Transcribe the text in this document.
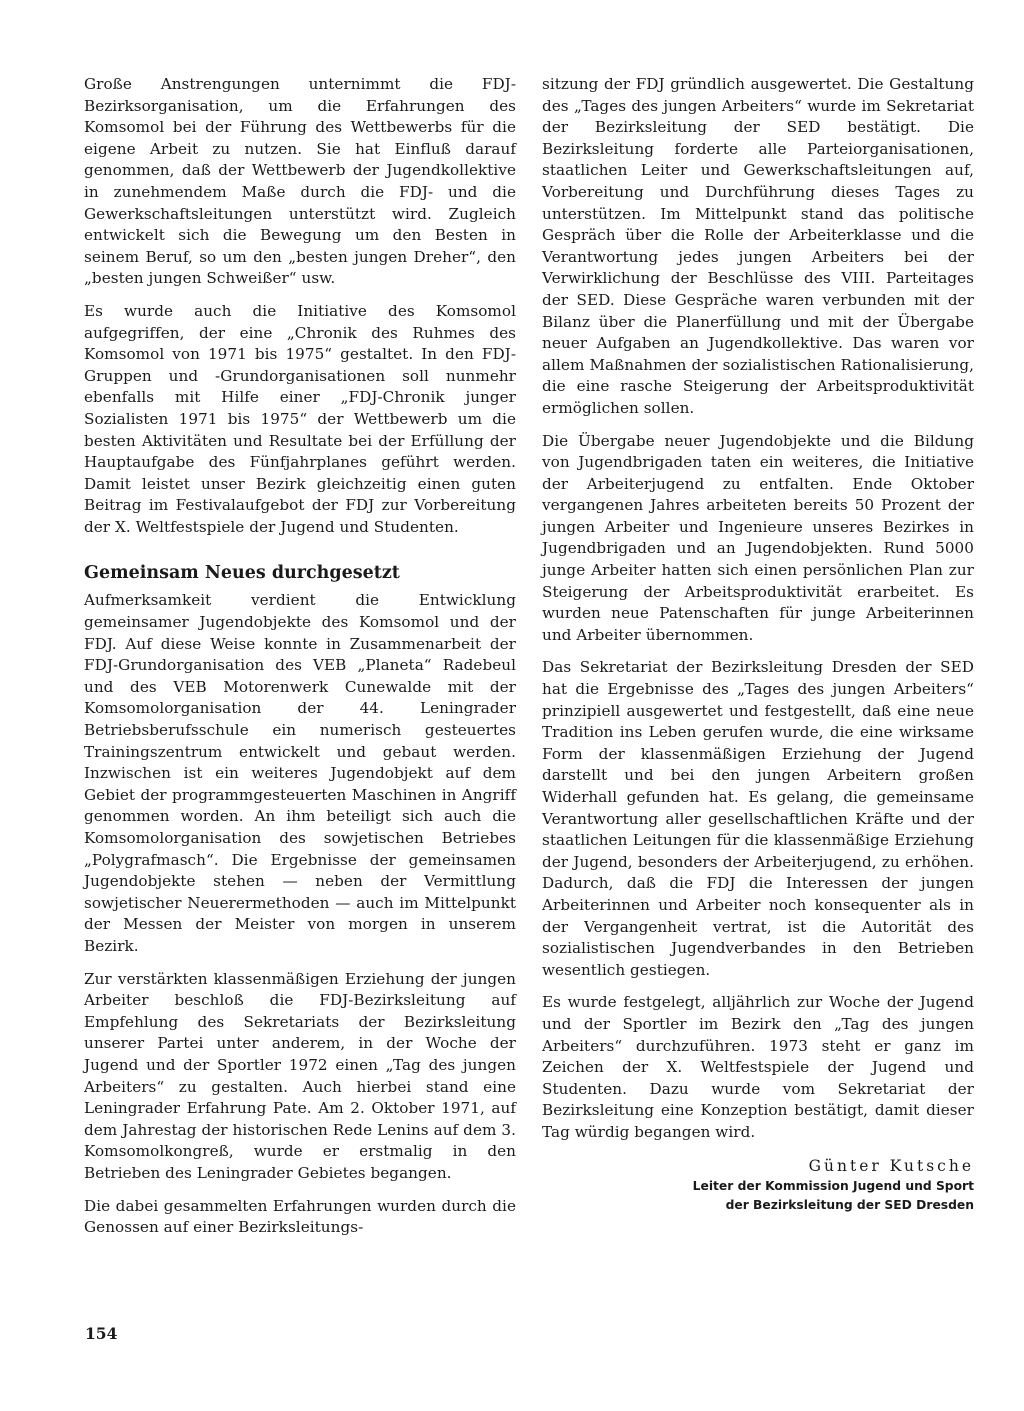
Große Anstrengungen unternimmt die FDJ-Bezirksorganisation, um die Erfahrungen des Komsomol bei der Führung des Wettbewerbs für die eigene Arbeit zu nutzen. Sie hat Einfluß darauf genommen, daß der Wettbewerb der Jugendkollektive in zunehmendem Maße durch die FDJ- und die Gewerkschaftsleitungen unterstützt wird. Zugleich entwickelt sich die Bewegung um den Besten in seinem Beruf, so um den „besten jungen Dreher“, den „besten jungen Schweißer“ usw.

Es wurde auch die Initiative des Komsomol aufgegriffen, der eine „Chronik des Ruhmes des Komsomol von 1971 bis 1975“ gestaltet. In den FDJ-Gruppen und -Grundorganisationen soll nunmehr ebenfalls mit Hilfe einer „FDJ-Chronik junger Sozialisten 1971 bis 1975“ der Wettbewerb um die besten Aktivitäten und Resultate bei der Erfüllung der Hauptaufgabe des Fünfjahrplanes geführt werden. Damit leistet unser Bezirk gleichzeitig einen guten Beitrag im Festivalaufgebot der FDJ zur Vorbereitung der X. Weltfestspiele der Jugend und Studenten.

Gemeinsam Neues durchgesetzt

Aufmerksamkeit verdient die Entwicklung gemeinsamer Jugendobjekte des Komsomol und der FDJ. Auf diese Weise konnte in Zusammenarbeit der FDJ-Grundorganisation des VEB „Planeta“ Radebeul und des VEB Motorenwerk Cunewalde mit der Komsomolorganisation der 44. Leningrader Betriebsberufsschule ein numerisch gesteuertes Trainingszentrum entwickelt und gebaut werden. Inzwischen ist ein weiteres Jugendobjekt auf dem Gebiet der programmgesteuerten Maschinen in Angriff genommen worden. An ihm beteiligt sich auch die Komsomolorganisation des sowjetischen Betriebes „Polygrafmasch“. Die Ergebnisse der gemeinsamen Jugendobjekte stehen — neben der Vermittlung sowjetischer Neuerermethoden — auch im Mittelpunkt der Messen der Meister von morgen in unserem Bezirk.

Zur verstärkten klassenmäßigen Erziehung der jungen Arbeiter beschloß die FDJ-Bezirksleitung auf Empfehlung des Sekretariats der Bezirksleitung unserer Partei unter anderem, in der Woche der Jugend und der Sportler 1972 einen „Tag des jungen Arbeiters“ zu gestalten. Auch hierbei stand eine Leningrader Erfahrung Pate. Am 2. Oktober 1971, auf dem Jahrestag der historischen Rede Lenins auf dem 3. Komsomolkongreß, wurde er erstmalig in den Betrieben des Leningrader Gebietes begangen.

Die dabei gesammelten Erfahrungen wurden durch die Genossen auf einer Bezirksleitungs-

sitzung der FDJ gründlich ausgewertet. Die Gestaltung des „Tages des jungen Arbeiters“ wurde im Sekretariat der Bezirksleitung der SED bestätigt. Die Bezirksleitung forderte alle Parteiorganisationen, staatlichen Leiter und Gewerkschaftsleitungen auf, Vorbereitung und Durchführung dieses Tages zu unterstützen. Im Mittelpunkt stand das politische Gespräch über die Rolle der Arbeiterklasse und die Verantwortung jedes jungen Arbeiters bei der Verwirklichung der Beschlüsse des VIII. Parteitages der SED. Diese Gespräche waren verbunden mit der Bilanz über die Planerfüllung und mit der Übergabe neuer Aufgaben an Jugendkollektive. Das waren vor allem Maßnahmen der sozialistischen Rationalisierung, die eine rasche Steigerung der Arbeitsproduktivität ermöglichen sollen.

Die Übergabe neuer Jugendobjekte und die Bildung von Jugendbrigaden taten ein weiteres, die Initiative der Arbeiterjugend zu entfalten. Ende Oktober vergangenen Jahres arbeiteten bereits 50 Prozent der jungen Arbeiter und Ingenieure unseres Bezirkes in Jugendbrigaden und an Jugendobjekten. Rund 5000 junge Arbeiter hatten sich einen persönlichen Plan zur Steigerung der Arbeitsproduktivität erarbeitet. Es wurden neue Patenschaften für junge Arbeiterinnen und Arbeiter übernommen.

Das Sekretariat der Bezirksleitung Dresden der SED hat die Ergebnisse des „Tages des jungen Arbeiters“ prinzipiell ausgewertet und festgestellt, daß eine neue Tradition ins Leben gerufen wurde, die eine wirksame Form der klassenmäßigen Erziehung der Jugend darstellt und bei den jungen Arbeitern großen Widerhall gefunden hat. Es gelang, die gemeinsame Verantwortung aller gesellschaftlichen Kräfte und der staatlichen Leitungen für die klassenmäßige Erziehung der Jugend, besonders der Arbeiterjugend, zu erhöhen. Dadurch, daß die FDJ die Interessen der jungen Arbeiterinnen und Arbeiter noch konsequenter als in der Vergangenheit vertrat, ist die Autorität des sozialistischen Jugendverbandes in den Betrieben wesentlich gestiegen.

Es wurde festgelegt, alljährlich zur Woche der Jugend und der Sportler im Bezirk den „Tag des jungen Arbeiters“ durchzuführen. 1973 steht er ganz im Zeichen der X. Weltfestspiele der Jugend und Studenten. Dazu wurde vom Sekretariat der Bezirksleitung eine Konzeption bestätigt, damit dieser Tag würdig begangen wird.

Günter Kutsche
Leiter der Kommission Jugend und Sport
der Bezirksleitung der SED Dresden
154
